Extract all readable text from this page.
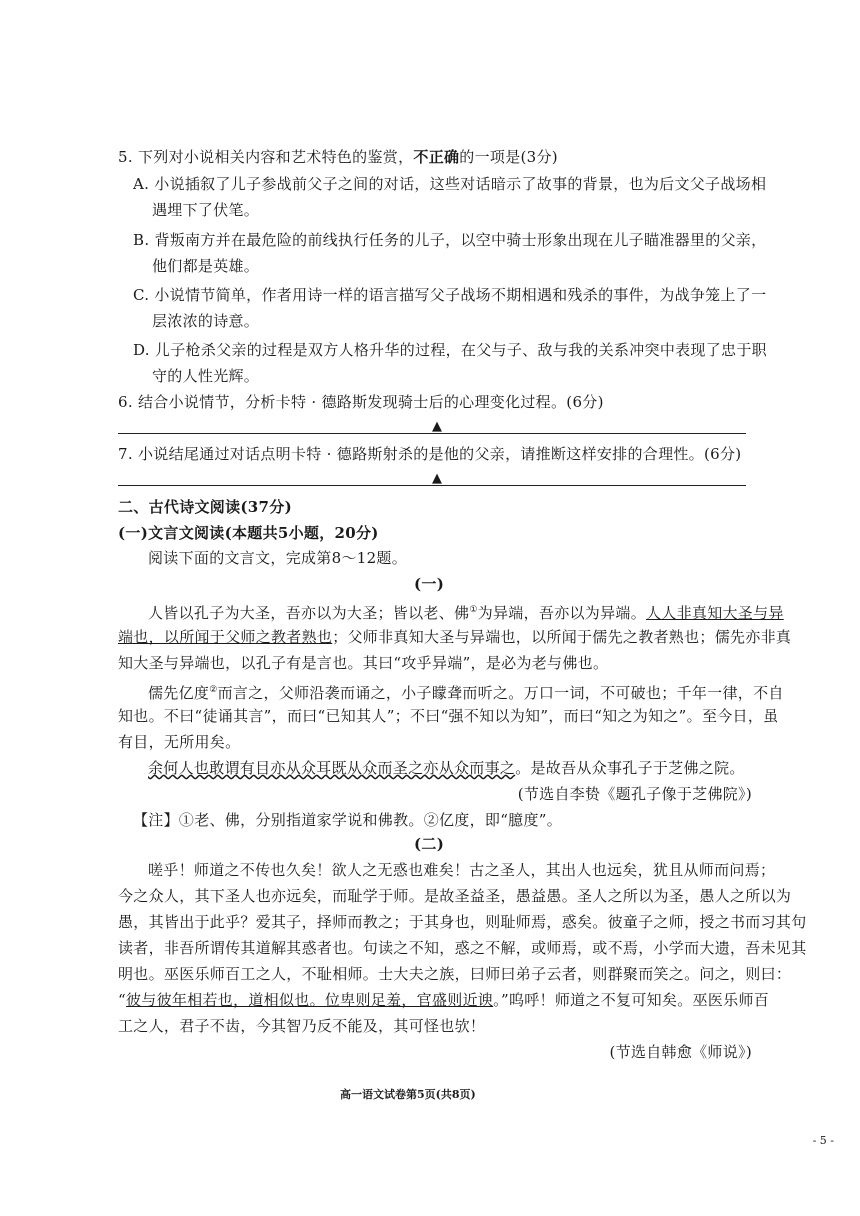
5. 下列对小说相关内容和艺术特色的鉴赏，不正确的一项是(3分)
A. 小说插叙了儿子参战前父子之间的对话，这些对话暗示了故事的背景，也为后文父子战场相
遇埋下了伏笔。
B. 背叛南方并在最危险的前线执行任务的儿子，以空中骑士形象出现在儿子瞄准器里的父亲，
他们都是英雄。
C. 小说情节简单，作者用诗一样的语言描写父子战场不期相遇和残杀的事件，为战争笼上了一
层浓浓的诗意。
D. 儿子枪杀父亲的过程是双方人格升华的过程，在父与子、敌与我的关系冲突中表现了忠于职
守的人性光辉。
6. 结合小说情节，分析卡特 · 德路斯发现骑士后的心理变化过程。(6分)
▲
7. 小说结尾通过对话点明卡特 · 德路斯射杀的是他的父亲，请推断这样安排的合理性。(6分)
▲
二、古代诗文阅读(37分)
(一)文言文阅读(本题共5小题，20分)
阅读下面的文言文，完成第8～12题。
(一)
人皆以孔子为大圣，吾亦以为大圣；皆以老、佛①为异端，吾亦以为异端。人人非真知大圣与异
端也，以所闻于父师之教者熟也；父师非真知大圣与异端也，以所闻于儒先之教者熟也；儒先亦非真
知大圣与异端也，以孔子有是言也。其曰“攻乎异端”，是必为老与佛也。
儒先亿度②而言之，父师沿袭而诵之，小子矇聋而听之。万口一词，不可破也；千年一律，不自
知也。不曰“徒诵其言”，而曰“已知其人”；不曰“强不知以为知”，而曰“知之为知之”。至今日，虽
有目，无所用矣。
余何人也敢谓有目亦从众耳既从众而圣之亦从众而事之。是故吾从众事孔子于芝佛之院。
(节选自李贽《题孔子像于芝佛院》)
【注】①老、佛，分别指道家学说和佛教。②亿度，即“臆度”。
(二)
嗟乎！师道之不传也久矣！欲人之无惑也难矣！古之圣人，其出人也远矣，犹且从师而问焉；
今之众人，其下圣人也亦远矣，而耻学于师。是故圣益圣，愚益愚。圣人之所以为圣，愚人之所以为
愚，其皆出于此乎？爱其子，择师而教之；于其身也，则耻师焉，惑矣。彼童子之师，授之书而习其句
读者，非吾所谓传其道解其惑者也。句读之不知，惑之不解，或师焉，或不焉，小学而大遗，吾未见其
明也。巫医乐师百工之人，不耻相师。士大夫之族，曰师曰弟子云者，则群聚而笑之。问之，则曰：
“彼与彼年相若也，道相似也。位卑则足羞，官盛则近谀。”呜呼！师道之不复可知矣。巫医乐师百
工之人，君子不齿，今其智乃反不能及，其可怪也欤！
(节选自韩愈《师说》)
高一语文试卷第5页(共8页)
- 5 -
